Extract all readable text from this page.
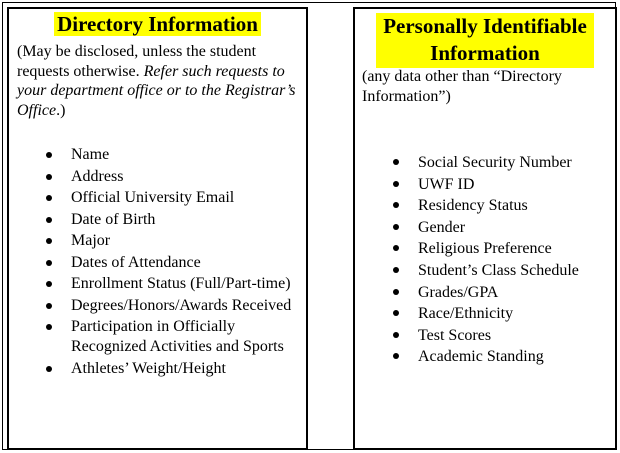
Directory Information

(May be disclosed, unless the student requests otherwise. Refer such requests to your department office or to the Registrar’s Office.)

Name
Address
Official University Email
Date of Birth
Major
Dates of Attendance
Enrollment Status (Full/Part-time)
Degrees/Honors/Awards Received
Participation in Officially Recognized Activities and Sports
Athletes’ Weight/Height
Personally Identifiable
Information

(any data other than “Directory Information”)

Social Security Number
UWF ID
Residency Status
Gender
Religious Preference
Student’s Class Schedule
Grades/GPA
Race/Ethnicity
Test Scores
Academic Standing
